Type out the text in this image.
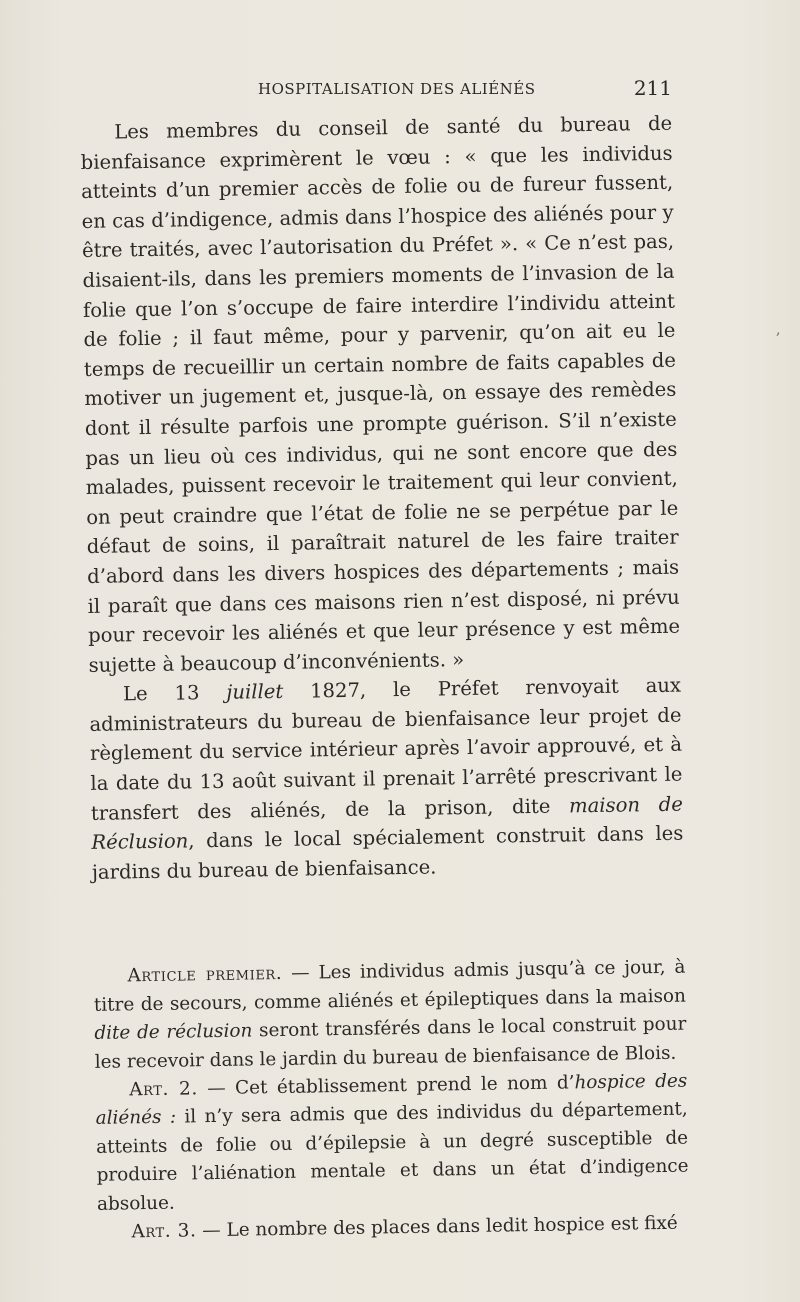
HOSPITALISATION DES ALIÉNÉS	211

Les membres du conseil de santé du bureau de bienfaisance exprimèrent le vœu : « que les individus atteints d’un premier accès de folie ou de fureur fussent, en cas d’indigence, admis dans l’hospice des aliénés pour y être traités, avec l’autorisation du Préfet ». « Ce n’est pas, disaient-ils, dans les premiers moments de l’invasion de la folie que l’on s’occupe de faire interdire l’individu atteint de folie ; il faut même, pour y parvenir, qu’on ait eu le temps de recueillir un certain nombre de faits capables de motiver un jugement et, jusque-là, on essaye des remèdes dont il résulte parfois une prompte guérison. S’il n’existe pas un lieu où ces individus, qui ne sont encore que des malades, puissent recevoir le traitement qui leur convient, on peut craindre que l’état de folie ne se perpétue par le défaut de soins, il paraîtrait naturel de les faire traiter d’abord dans les divers hospices des départements ; mais il paraît que dans ces maisons rien n’est disposé, ni prévu pour recevoir les aliénés et que leur présence y est même sujette à beaucoup d’inconvénients. »

Le 13 juillet 1827, le Préfet renvoyait aux administrateurs du bureau de bienfaisance leur projet de règlement du service intérieur après l’avoir approuvé, et à la date du 13 août suivant il prenait l’arrêté prescrivant le transfert des aliénés, de la prison, dite maison de Réclusion, dans le local spécialement construit dans les jardins du bureau de bienfaisance.

Article premier. — Les individus admis jusqu’à ce jour, à titre de secours, comme aliénés et épileptiques dans la maison dite de réclusion seront transférés dans le local construit pour les recevoir dans le jardin du bureau de bienfaisance de Blois.

Art. 2. — Cet établissement prend le nom d’hospice des aliénés : il n’y sera admis que des individus du département, atteints de folie ou d’épilepsie à un degré susceptible de produire l’aliénation mentale et dans un état d’indigence absolue.

Art. 3. — Le nombre des places dans ledit hospice est fixé

,
